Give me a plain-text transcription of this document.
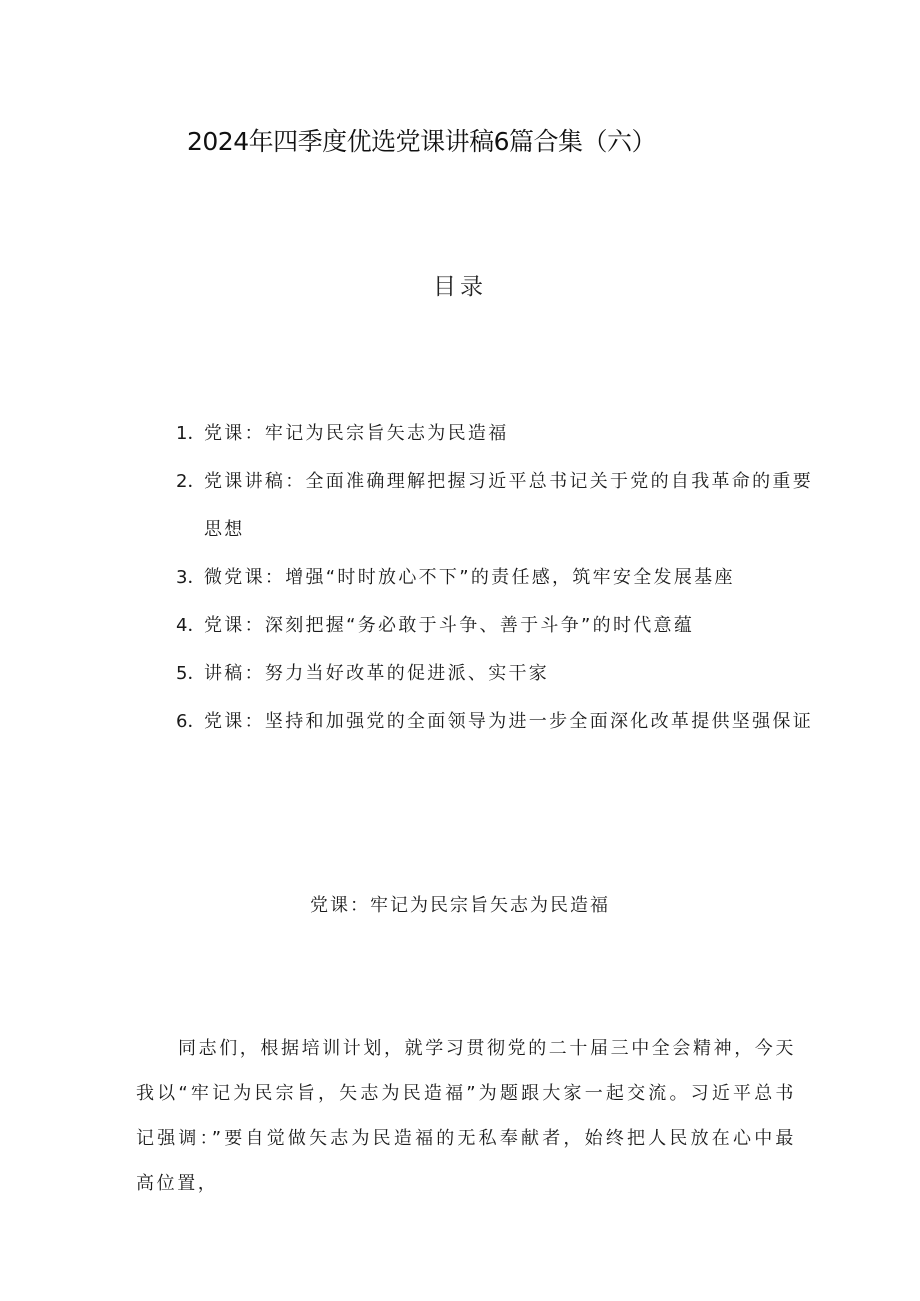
2024年四季度优选党课讲稿6篇合集（六）
目录
1．
党课：牢记为民宗旨矢志为民造福
2．
党课讲稿：全面准确理解把握习近平总书记关于党的自我革命的重要思想
3．
微党课：增强“时时放心不下”的责任感，筑牢安全发展基座
4．
党课：深刻把握“务必敢于斗争、善于斗争”的时代意蕴
5．
讲稿：努力当好改革的促进派、实干家
6．
党课：坚持和加强党的全面领导为进一步全面深化改革提供坚强保证
党课：牢记为民宗旨矢志为民造福

同志们，根据培训计划，就学习贯彻党的二十届三中全会精神，今天我以“牢记为民宗旨，矢志为民造福”为题跟大家一起交流。习近平总书记强调：”要自觉做矢志为民造福的无私奉献者，始终把人民放在心中最高位置，
